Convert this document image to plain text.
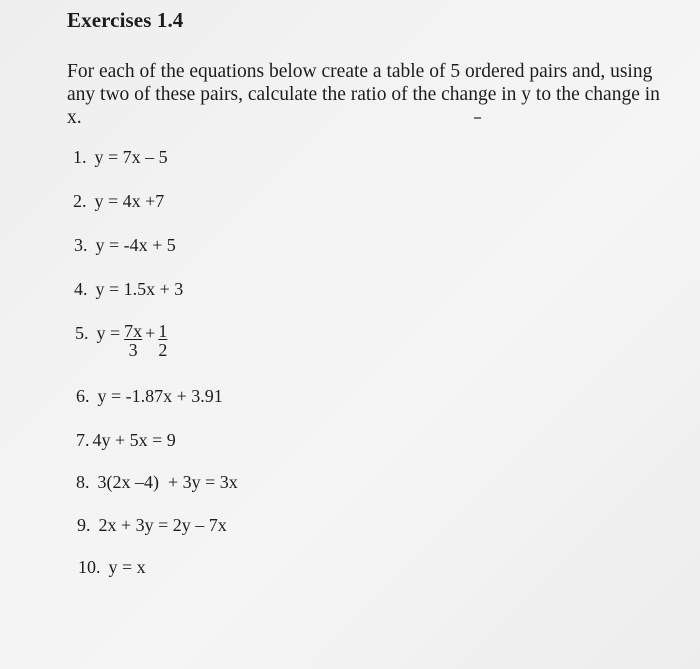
Exercises 1.4
For each of the equations below create a table of 5 ordered pairs and, using
any two of these pairs, calculate the ratio of the change in y to the change in
x.
1. y = 7x – 5
2. y = 4x +7
3. y = -4x + 5
4. y = 1.5x + 3
5. $y = \frac{7x}{3} + \frac{1}{2}$
6. y = -1.87x + 3.91
7. 4y + 5x = 9
8. 3(2x –4)  + 3y = 3x
9. 2x + 3y = 2y – 7x
10. y = x
